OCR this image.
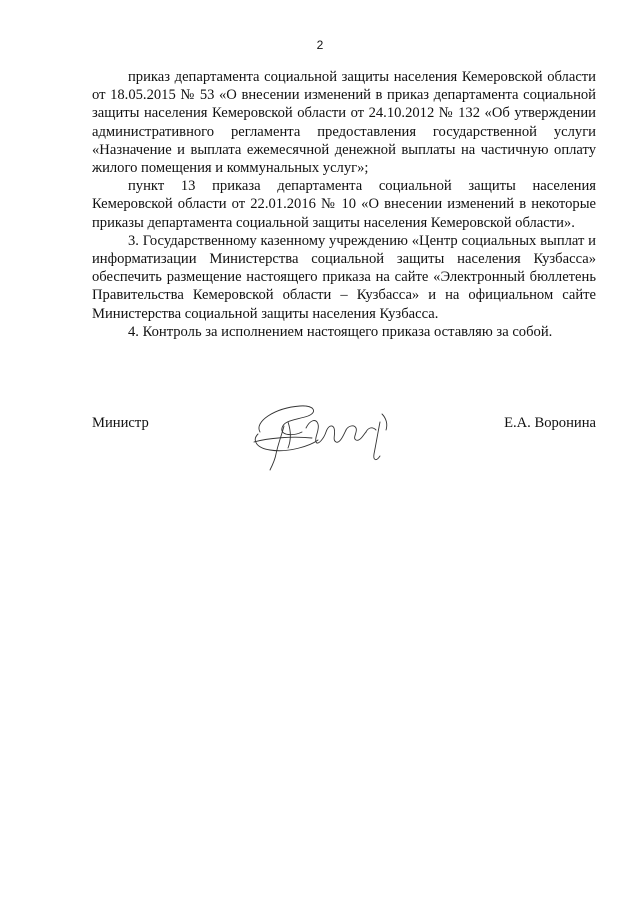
2

приказ департамента социальной защиты населения Кемеровской области от 18.05.2015 № 53 «О внесении изменений в приказ департамента социальной защиты населения Кемеровской области от 24.10.2012 № 132 «Об утверждении административного регламента предоставления государственной услуги «Назначение и выплата ежемесячной денежной выплаты на частичную оплату жилого помещения и коммунальных услуг»;

пункт 13 приказа департамента социальной защиты населения Кемеровской области от 22.01.2016 № 10 «О внесении изменений в некоторые приказы департамента социальной защиты населения Кемеровской области».

3. Государственному казенному учреждению «Центр социальных выплат и информатизации Министерства социальной защиты населения Кузбасса» обеспечить размещение настоящего приказа на сайте «Электронный бюллетень Правительства Кемеровской области – Кузбасса» и на официальном сайте Министерства социальной защиты населения Кузбасса.

4. Контроль за исполнением настоящего приказа оставляю за собой.

Министр	Е.А. Воронина
